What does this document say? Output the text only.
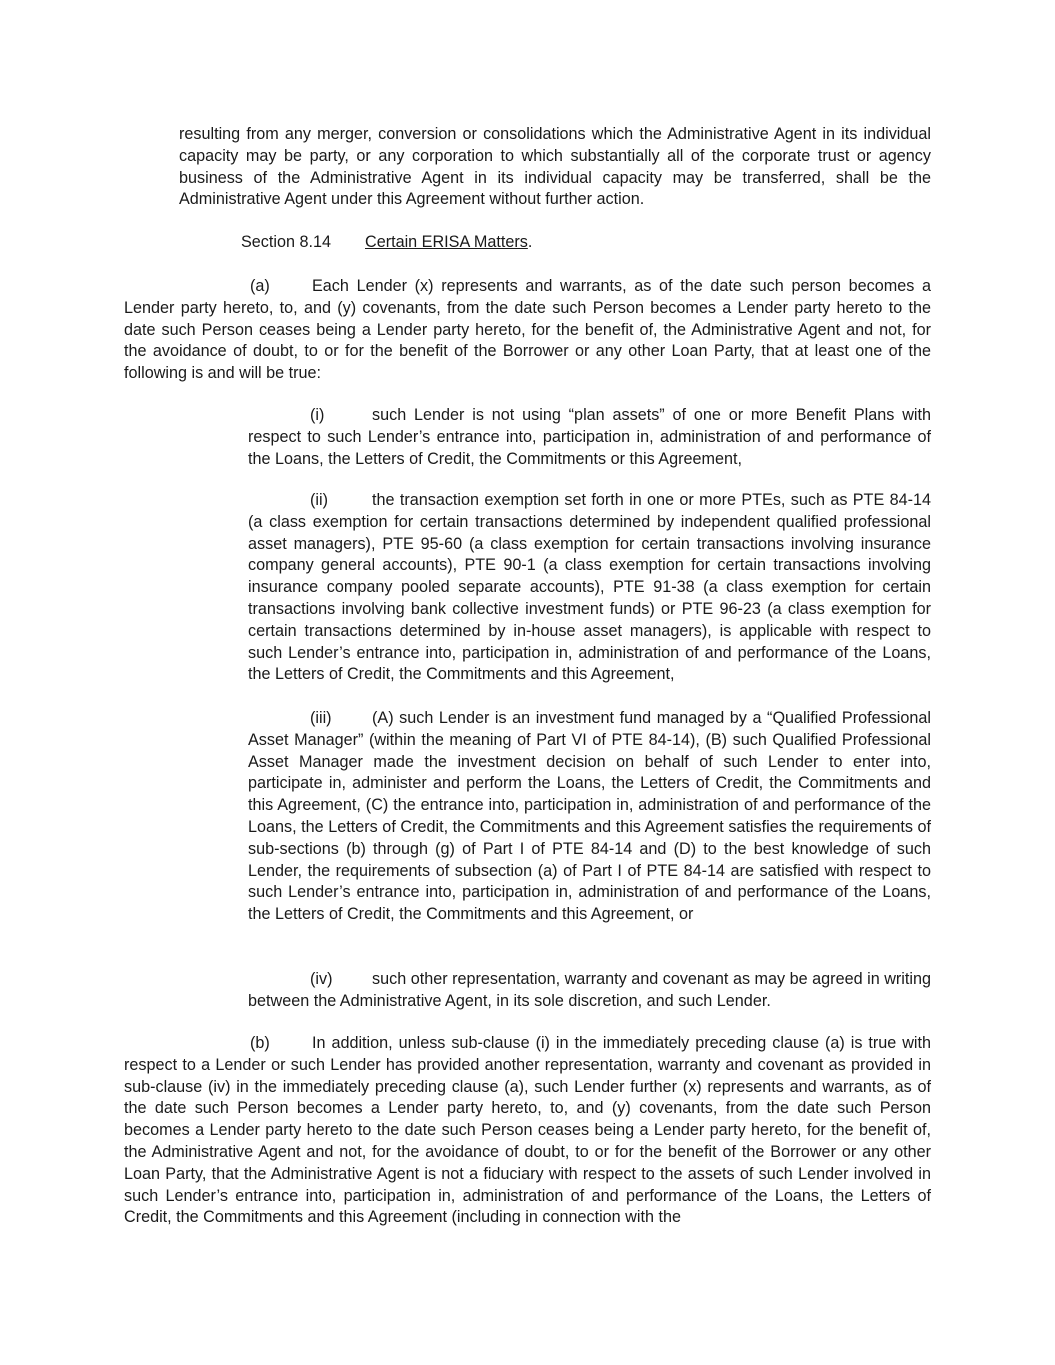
resulting from any merger, conversion or consolidations which the Administrative Agent in its individual capacity may be party, or any corporation to which substantially all of the corporate trust or agency business of the Administrative Agent in its individual capacity may be transferred, shall be the Administrative Agent under this Agreement without further action.

Section 8.14 Certain ERISA Matters.

(a)	Each Lender (x) represents and warrants, as of the date such person becomes a Lender party hereto, to, and (y) covenants, from the date such Person becomes a Lender party hereto to the date such Person ceases being a Lender party hereto, for the benefit of, the Administrative Agent and not, for the avoidance of doubt, to or for the benefit of the Borrower or any other Loan Party, that at least one of the following is and will be true:

(i)	such Lender is not using “plan assets” of one or more Benefit Plans with respect to such Lender’s entrance into, participation in, administration of and performance of the Loans, the Letters of Credit, the Commitments or this Agreement,

(ii)	the transaction exemption set forth in one or more PTEs, such as PTE 84-14 (a class exemption for certain transactions determined by independent qualified professional asset managers), PTE 95-60 (a class exemption for certain transactions involving insurance company general accounts), PTE 90-1 (a class exemption for certain transactions involving insurance company pooled separate accounts), PTE 91-38 (a class exemption for certain transactions involving bank collective investment funds) or PTE 96-23 (a class exemption for certain transactions determined by in-house asset managers), is applicable with respect to such Lender’s entrance into, participation in, administration of and performance of the Loans, the Letters of Credit, the Commitments and this Agreement,

(iii) (A) such Lender is an investment fund managed by a “Qualified Professional Asset Manager” (within the meaning of Part VI of PTE 84-14), (B) such Qualified Professional Asset Manager made the investment decision on behalf of such Lender to enter into, participate in, administer and perform the Loans, the Letters of Credit, the Commitments and this Agreement, (C) the entrance into, participation in, administration of and performance of the Loans, the Letters of Credit, the Commitments and this Agreement satisfies the requirements of sub-sections (b) through (g) of Part I of PTE 84-14 and (D) to the best knowledge of such Lender, the requirements of subsection (a) of Part I of PTE 84-14 are satisfied with respect to such Lender’s entrance into, participation in, administration of and performance of the Loans, the Letters of Credit, the Commitments and this Agreement, or

(iv) such other representation, warranty and covenant as may be agreed in writing between the Administrative Agent, in its sole discretion, and such Lender.

(b)	In addition, unless sub-clause (i) in the immediately preceding clause (a) is true with respect to a Lender or such Lender has provided another representation, warranty and covenant as provided in sub-clause (iv) in the immediately preceding clause (a), such Lender further (x) represents and warrants, as of the date such Person becomes a Lender party hereto, to, and (y) covenants, from the date such Person becomes a Lender party hereto to the date such Person ceases being a Lender party hereto, for the benefit of, the Administrative Agent and not, for the avoidance of doubt, to or for the benefit of the Borrower or any other Loan Party, that the Administrative Agent is not a fiduciary with respect to the assets of such Lender involved in such Lender’s entrance into, participation in, administration of and performance of the Loans, the Letters of Credit, the Commitments and this Agreement (including in connection with the
